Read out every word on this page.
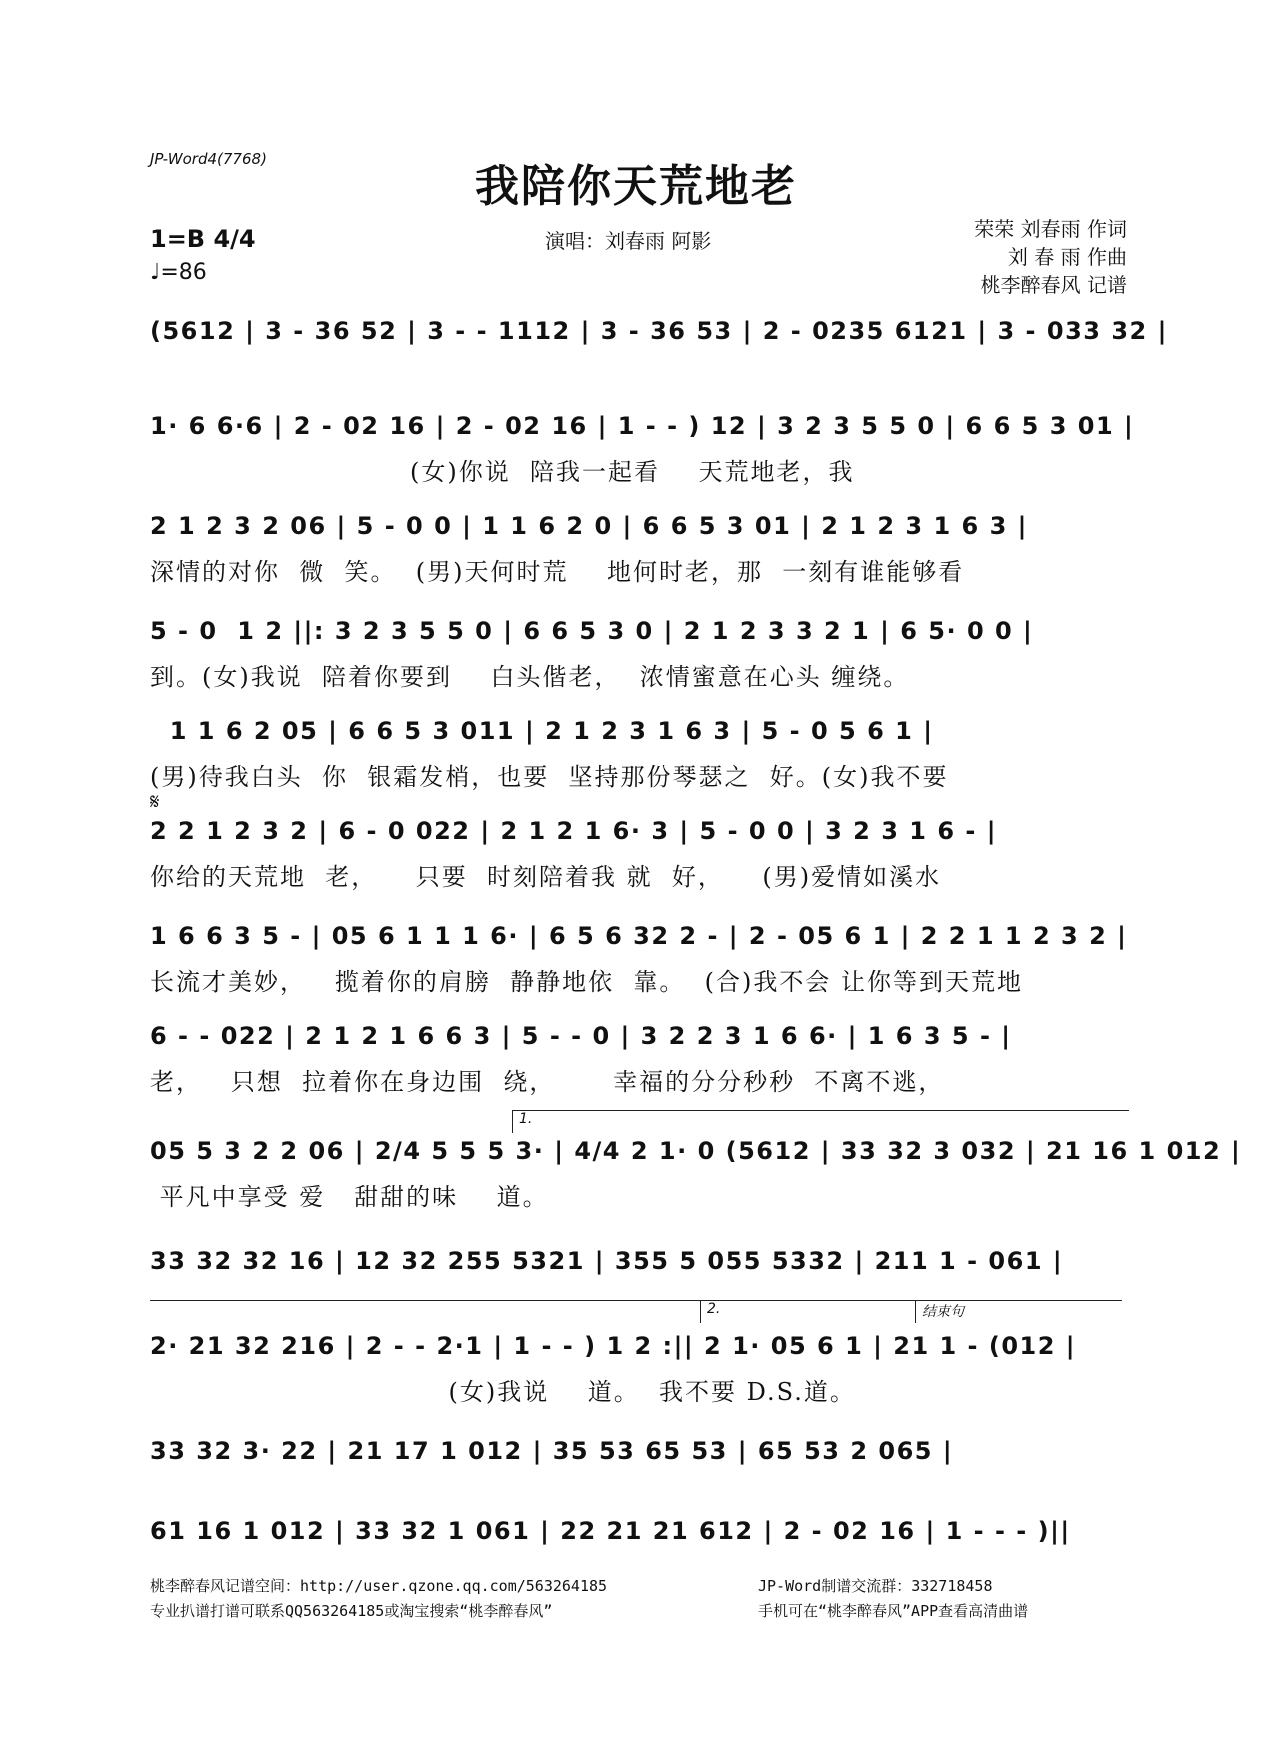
JP-Word4(7768)
我陪你天荒地老
1=B 4/4
♩=86
演唱：刘春雨 阿影	荣荣 刘春雨 作词
刘 春 雨 作曲
桃李醉春风 记谱
(5612 | 3 - 36 52 | 3 - - 1112 | 3 - 36 53 | 2 - 0235 6121 | 3 - 033 32 |
1· 6 6·6 | 2 - 02 16 | 2 - 02 16 | 1 - - ) 12 | 3 2 3 5 5 0 | 6 6 5 3 01 |
(女)你说  陪我一起看    天荒地老，我
2 1 2 3 2 06 | 5 - 0 0 | 1 1 6 2 0 | 6 6 5 3 01 | 2 1 2 3 1 6 3 |
深情的对你  微  笑。  (男)天何时荒    地何时老，那  一刻有谁能够看
5 - 0  1 2 ||: 3 2 3 5 5 0 | 6 6 5 3 0 | 2 1 2 3 3 2 1 | 6 5· 0 0 |
到。(女)我说  陪着你要到    白头偕老，  浓情蜜意在心头 缠绕。
1 1 6 2 05 | 6 6 5 3 011 | 2 1 2 3 1 6 3 | 5 - 0 5 6 1 |
(男)待我白头  你  银霜发梢，也要  坚持那份琴瑟之  好。(女)我不要
𝄋
2 2 1 2 3 2 | 6 - 0 022 | 2 1 2 1 6· 3 | 5 - 0 0 | 3 2 3 1 6 - |
你给的天荒地  老，    只要  时刻陪着我 就  好，    (男)爱情如溪水
1 6 6 3 5 - | 05 6 1 1 1 6· | 6 5 6 32 2 - | 2 - 05 6 1 | 2 2 1 1 2 3 2 |
长流才美妙，   揽着你的肩膀  静静地依  靠。  (合)我不会 让你等到天荒地
6 - - 022 | 2 1 2 1 6 6 3 | 5 - - 0 | 3 2 2 3 1 6 6· | 1 6 3 5 - |
老，   只想  拉着你在身边围  绕，      幸福的分分秒秒  不离不逃，
1.
05 5 3 2 2 06 | 2/4 5 5 5 3· | 4/4 2 1· 0 (5612 | 33 32 3 032 | 21 16 1 012 |
平凡中享受 爱   甜甜的味    道。
33 32 32 16 | 12 32 255 5321 | 355 5 055 5332 | 211 1 - 061 |
2.	结束句
2· 21 32 216 | 2 - - 2·1 | 1 - - ) 1 2 :|| 2 1· 05 6 1 | 21 1 - (012 |
(女)我说    道。  我不要 D.S.道。
33 32 3· 22 | 21 17 1 012 | 35 53 65 53 | 65 53 2 065 |
61 16 1 012 | 33 32 1 061 | 22 21 21 612 | 2 - 02 16 | 1 - - - )||
桃李醉春风记谱空间：http://user.qzone.qq.com/563264185
专业扒谱打谱可联系QQ563264185或淘宝搜索“桃李醉春风”
JP-Word制谱交流群：332718458
手机可在“桃李醉春风”APP查看高清曲谱
